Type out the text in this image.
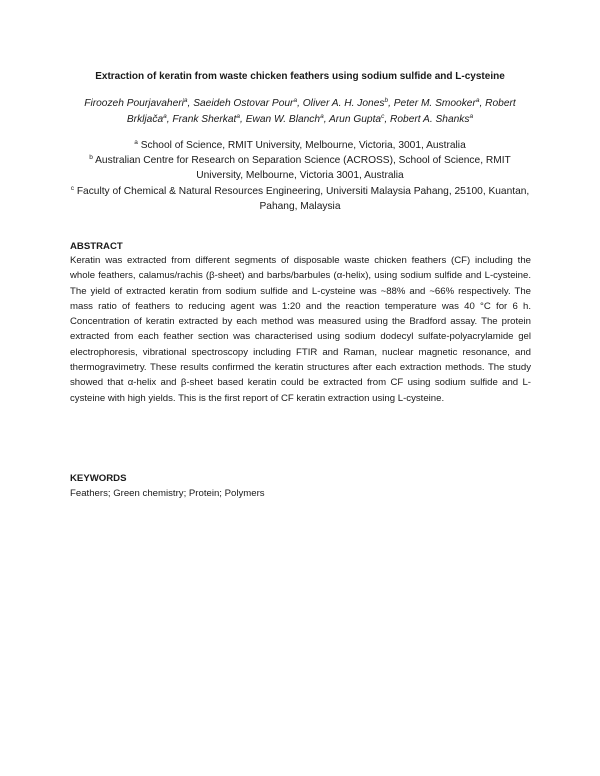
Extraction of keratin from waste chicken feathers using sodium sulfide and L-cysteine
Firoozeh Pourjavaheri$^a$, Saeideh Ostovar Pour$^a$, Oliver A. H. Jones$^b$, Peter M. Smooker$^a$, Robert Brkljača$^a$, Frank Sherkat$^a$, Ewan W. Blanch$^a$, Arun Gupta$^c$, Robert A. Shanks$^a$

$^a$ School of Science, RMIT University, Melbourne, Victoria, 3001, Australia

$^b$ Australian Centre for Research on Separation Science (ACROSS), School of Science, RMIT University, Melbourne, Victoria 3001, Australia

$^c$ Faculty of Chemical & Natural Resources Engineering, Universiti Malaysia Pahang, 25100, Kuantan, Pahang, Malaysia

ABSTRACT
Keratin was extracted from different segments of disposable waste chicken feathers (CF) including the whole feathers, calamus/rachis (β-sheet) and barbs/barbules (α-helix), using sodium sulfide and L-cysteine. The yield of extracted keratin from sodium sulfide and L-cysteine was ~88% and ~66% respectively. The mass ratio of feathers to reducing agent was 1:20 and the reaction temperature was 40 °C for 6 h. Concentration of keratin extracted by each method was measured using the Bradford assay. The protein extracted from each feather section was characterised using sodium dodecyl sulfate-polyacrylamide gel electrophoresis, vibrational spectroscopy including FTIR and Raman, nuclear magnetic resonance, and thermogravimetry. These results confirmed the keratin structures after each extraction methods. The study showed that α-helix and β-sheet based keratin could be extracted from CF using sodium sulfide and L-cysteine with high yields. This is the first report of CF keratin extraction using L-cysteine.
KEYWORDS
Feathers; Green chemistry; Protein; Polymers
